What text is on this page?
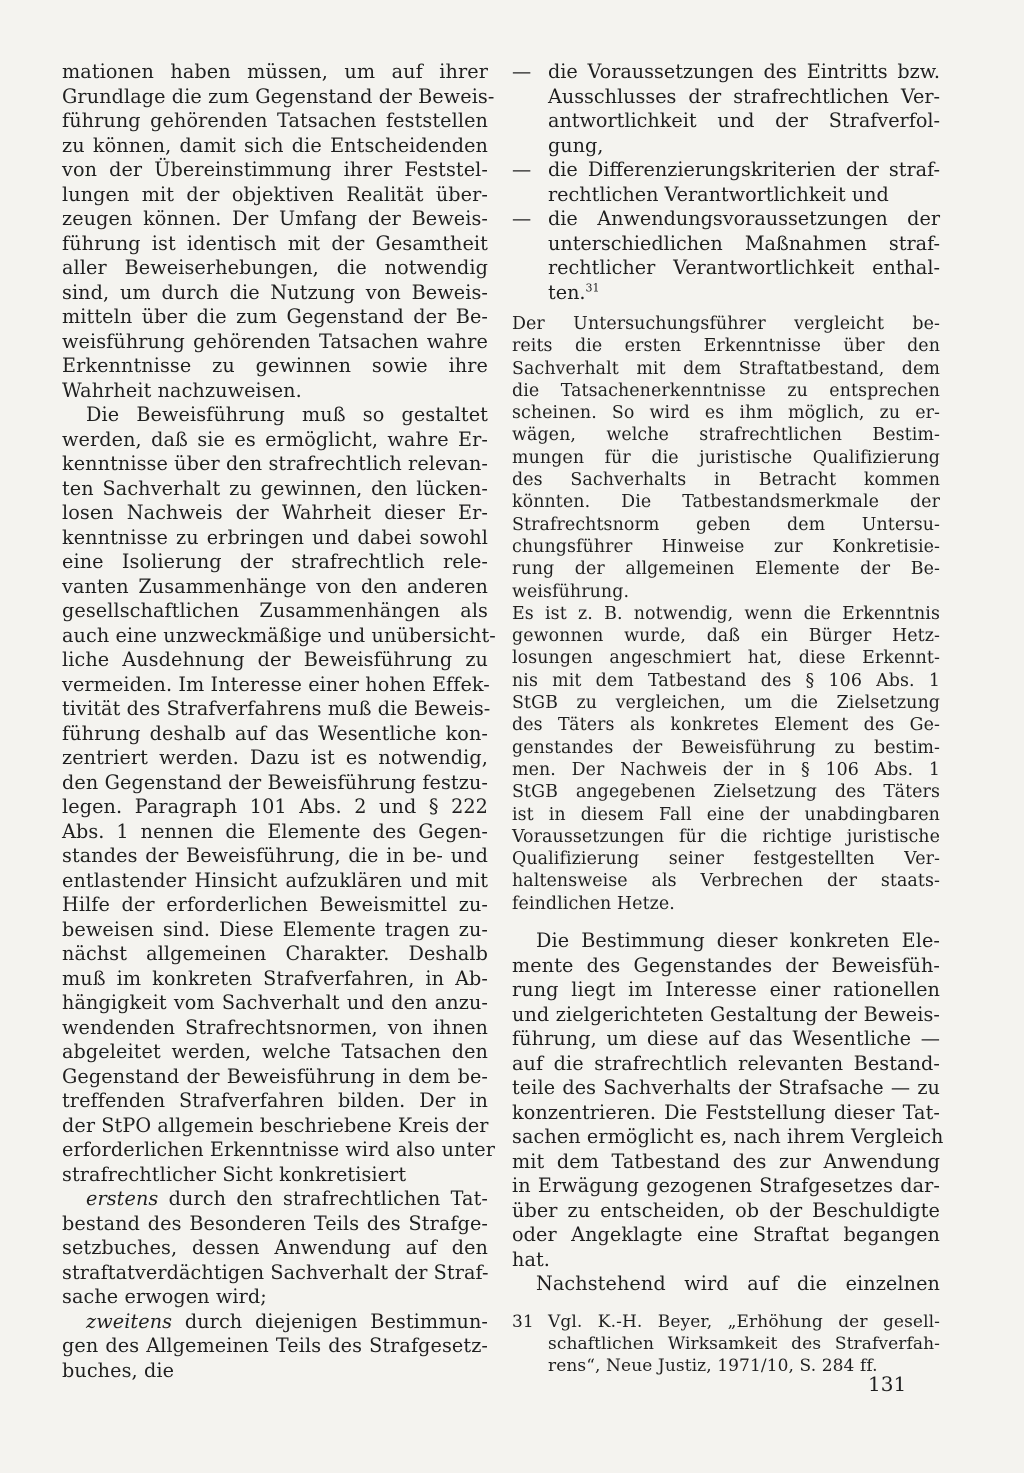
mationen haben müssen, um auf ihrer
Grundlage die zum Gegenstand der Beweis-
führung gehörenden Tatsachen feststellen
zu können, damit sich die Entscheidenden
von der Übereinstimmung ihrer Feststel-
lungen mit der objektiven Realität über-
zeugen können. Der Umfang der Beweis-
führung ist identisch mit der Gesamtheit
aller Beweiserhebungen, die notwendig
sind, um durch die Nutzung von Beweis-
mitteln über die zum Gegenstand der Be-
weisführung gehörenden Tatsachen wahre
Erkenntnisse zu gewinnen sowie ihre
Wahrheit nachzuweisen.
Die Beweisführung muß so gestaltet
werden, daß sie es ermöglicht, wahre Er-
kenntnisse über den strafrechtlich relevan-
ten Sachverhalt zu gewinnen, den lücken-
losen Nachweis der Wahrheit dieser Er-
kenntnisse zu erbringen und dabei sowohl
eine Isolierung der strafrechtlich rele-
vanten Zusammenhänge von den anderen
gesellschaftlichen Zusammenhängen als
auch eine unzweckmäßige und unübersicht-
liche Ausdehnung der Beweisführung zu
vermeiden. Im Interesse einer hohen Effek-
tivität des Strafverfahrens muß die Beweis-
führung deshalb auf das Wesentliche kon-
zentriert werden. Dazu ist es notwendig,
den Gegenstand der Beweisführung festzu-
legen. Paragraph 101 Abs. 2 und § 222
Abs. 1 nennen die Elemente des Gegen-
standes der Beweisführung, die in be- und
entlastender Hinsicht aufzuklären und mit
Hilfe der erforderlichen Beweismittel zu-
beweisen sind. Diese Elemente tragen zu-
nächst allgemeinen Charakter. Deshalb
muß im konkreten Strafverfahren, in Ab-
hängigkeit vom Sachverhalt und den anzu-
wendenden Strafrechtsnormen, von ihnen
abgeleitet werden, welche Tatsachen den
Gegenstand der Beweisführung in dem be-
treffenden Strafverfahren bilden. Der in
der StPO allgemein beschriebene Kreis der
erforderlichen Erkenntnisse wird also unter
strafrechtlicher Sicht konkretisiert
erstens durch den strafrechtlichen Tat-
bestand des Besonderen Teils des Strafge-
setzbuches, dessen Anwendung auf den
straftatverdächtigen Sachverhalt der Straf-
sache erwogen wird;
zweitens durch diejenigen Bestimmun-
gen des Allgemeinen Teils des Strafgesetz-
buches, die
— die Voraussetzungen des Eintritts bzw.
Ausschlusses der strafrechtlichen Ver-
antwortlichkeit und der Strafverfol-
gung,
— die Differenzierungskriterien der straf-
rechtlichen Verantwortlichkeit und
— die Anwendungsvoraussetzungen der
unterschiedlichen Maßnahmen straf-
rechtlicher Verantwortlichkeit enthal-
ten.$^{31}$
Der Untersuchungsführer vergleicht be-
reits die ersten Erkenntnisse über den
Sachverhalt mit dem Straftatbestand, dem
die Tatsachenerkenntnisse zu entsprechen
scheinen. So wird es ihm möglich, zu er-
wägen, welche strafrechtlichen Bestim-
mungen für die juristische Qualifizierung
des Sachverhalts in Betracht kommen
könnten. Die Tatbestandsmerkmale der
Strafrechtsnorm geben dem Untersu-
chungsführer Hinweise zur Konkretisie-
rung der allgemeinen Elemente der Be-
weisführung.
Es ist z. B. notwendig, wenn die Erkenntnis
gewonnen wurde, daß ein Bürger Hetz-
losungen angeschmiert hat, diese Erkennt-
nis mit dem Tatbestand des § 106 Abs. 1
StGB zu vergleichen, um die Zielsetzung
des Täters als konkretes Element des Ge-
genstandes der Beweisführung zu bestim-
men. Der Nachweis der in § 106 Abs. 1
StGB angegebenen Zielsetzung des Täters
ist in diesem Fall eine der unabdingbaren
Voraussetzungen für die richtige juristische
Qualifizierung seiner festgestellten Ver-
haltensweise als Verbrechen der staats-
feindlichen Hetze.
Die Bestimmung dieser konkreten Ele-
mente des Gegenstandes der Beweisfüh-
rung liegt im Interesse einer rationellen
und zielgerichteten Gestaltung der Beweis-
führung, um diese auf das Wesentliche —
auf die strafrechtlich relevanten Bestand-
teile des Sachverhalts der Strafsache — zu
konzentrieren. Die Feststellung dieser Tat-
sachen ermöglicht es, nach ihrem Vergleich
mit dem Tatbestand des zur Anwendung
in Erwägung gezogenen Strafgesetzes dar-
über zu entscheiden, ob der Beschuldigte
oder Angeklagte eine Straftat begangen
hat.
Nachstehend wird auf die einzelnen
31 Vgl. K.-H. Beyer, „Erhöhung der gesell-
schaftlichen Wirksamkeit des Strafverfah-
rens“, Neue Justiz, 1971/10, S. 284 ff.
131
